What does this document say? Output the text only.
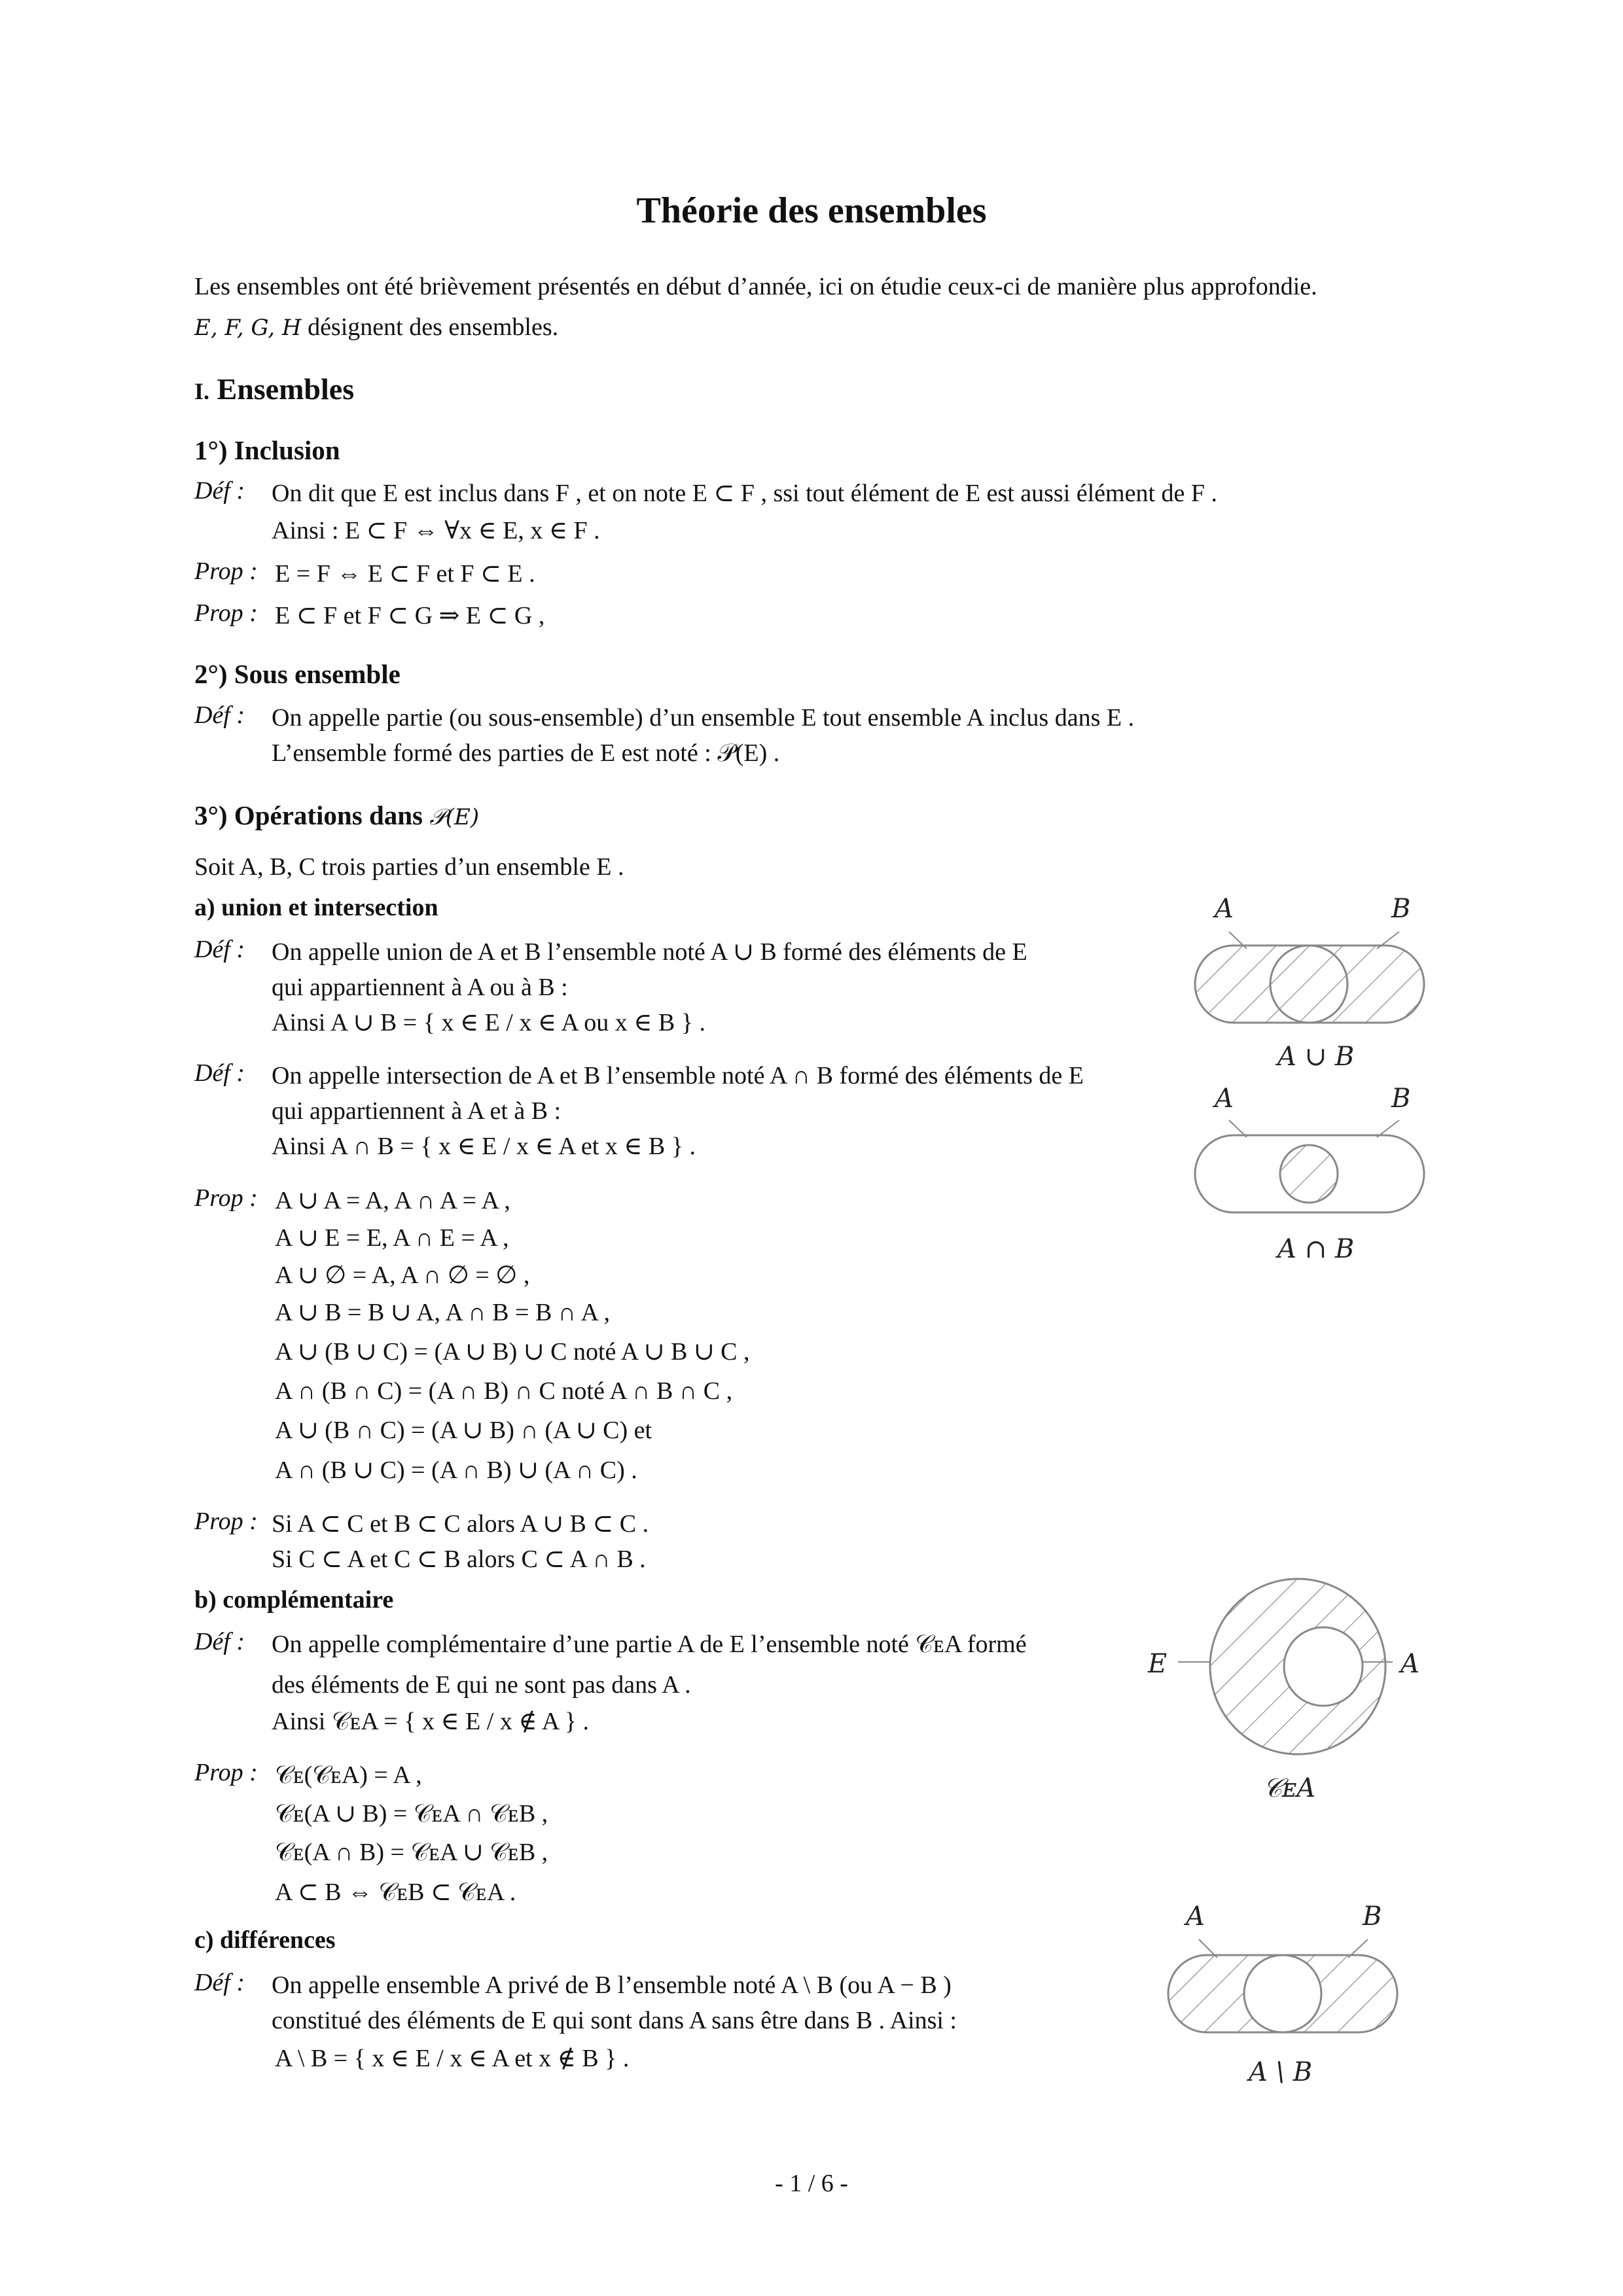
Théorie des ensembles
Les ensembles ont été brièvement présentés en début d’année, ici on étudie ceux-ci de manière plus approfondie.
E, F, G, H désignent des ensembles.
I. Ensembles
1°) Inclusion
Déf : On dit que E est inclus dans F , et on note E ⊂ F , ssi tout élément de E est aussi élément de F .
Ainsi : E ⊂ F ⇔ ∀x ∈ E, x ∈ F .
Prop : E = F ⇔ E ⊂ F et F ⊂ E .
Prop : E ⊂ F et F ⊂ G ⇒ E ⊂ G ,
2°) Sous ensemble
Déf : On appelle partie (ou sous-ensemble) d’un ensemble E tout ensemble A inclus dans E .
L’ensemble formé des parties de E est noté : 𝒫(E) .
3°) Opérations dans 𝒫(E)
Soit A, B, C trois parties d’un ensemble E .
a) union et intersection
Déf : On appelle union de A et B l’ensemble noté A ∪ B formé des éléments de E
qui appartiennent à A ou à B :
Ainsi A ∪ B = { x ∈ E / x ∈ A ou x ∈ B } .
Déf : On appelle intersection de A et B l’ensemble noté A ∩ B formé des éléments de E
qui appartiennent à A et à B :
Ainsi A ∩ B = { x ∈ E / x ∈ A et x ∈ B } .
Prop : A ∪ A = A, A ∩ A = A ,
A ∪ E = E, A ∩ E = A ,
A ∪ ∅ = A, A ∩ ∅ = ∅ ,
A ∪ B = B ∪ A, A ∩ B = B ∩ A ,
A ∪ (B ∪ C) = (A ∪ B) ∪ C noté A ∪ B ∪ C ,
A ∩ (B ∩ C) = (A ∩ B) ∩ C noté A ∩ B ∩ C ,
A ∪ (B ∩ C) = (A ∪ B) ∩ (A ∪ C) et
A ∩ (B ∪ C) = (A ∩ B) ∪ (A ∩ C) .
Prop : Si A ⊂ C et B ⊂ C alors A ∪ B ⊂ C .
Si C ⊂ A et C ⊂ B alors C ⊂ A ∩ B .
b) complémentaire
Déf : On appelle complémentaire d’une partie A de E l’ensemble noté 𝒞ᴇA formé
des éléments de E qui ne sont pas dans A .
Ainsi 𝒞ᴇA = { x ∈ E / x ∉ A } .
Prop : 𝒞ᴇ(𝒞ᴇA) = A ,
𝒞ᴇ(A ∪ B) = 𝒞ᴇA ∩ 𝒞ᴇB ,
𝒞ᴇ(A ∩ B) = 𝒞ᴇA ∪ 𝒞ᴇB ,
A ⊂ B ⇔ 𝒞ᴇB ⊂ 𝒞ᴇA .
c) différences
Déf : On appelle ensemble A privé de B l’ensemble noté A \ B (ou A − B )
constitué des éléments de E qui sont dans A sans être dans B . Ainsi :
A \ B = { x ∈ E / x ∈ A et x ∉ B } .
A	B
A ∪ B
A	B
A ∩ B
E	A
𝒞ᴇA
A	B
A \ B
- 1 / 6 -
